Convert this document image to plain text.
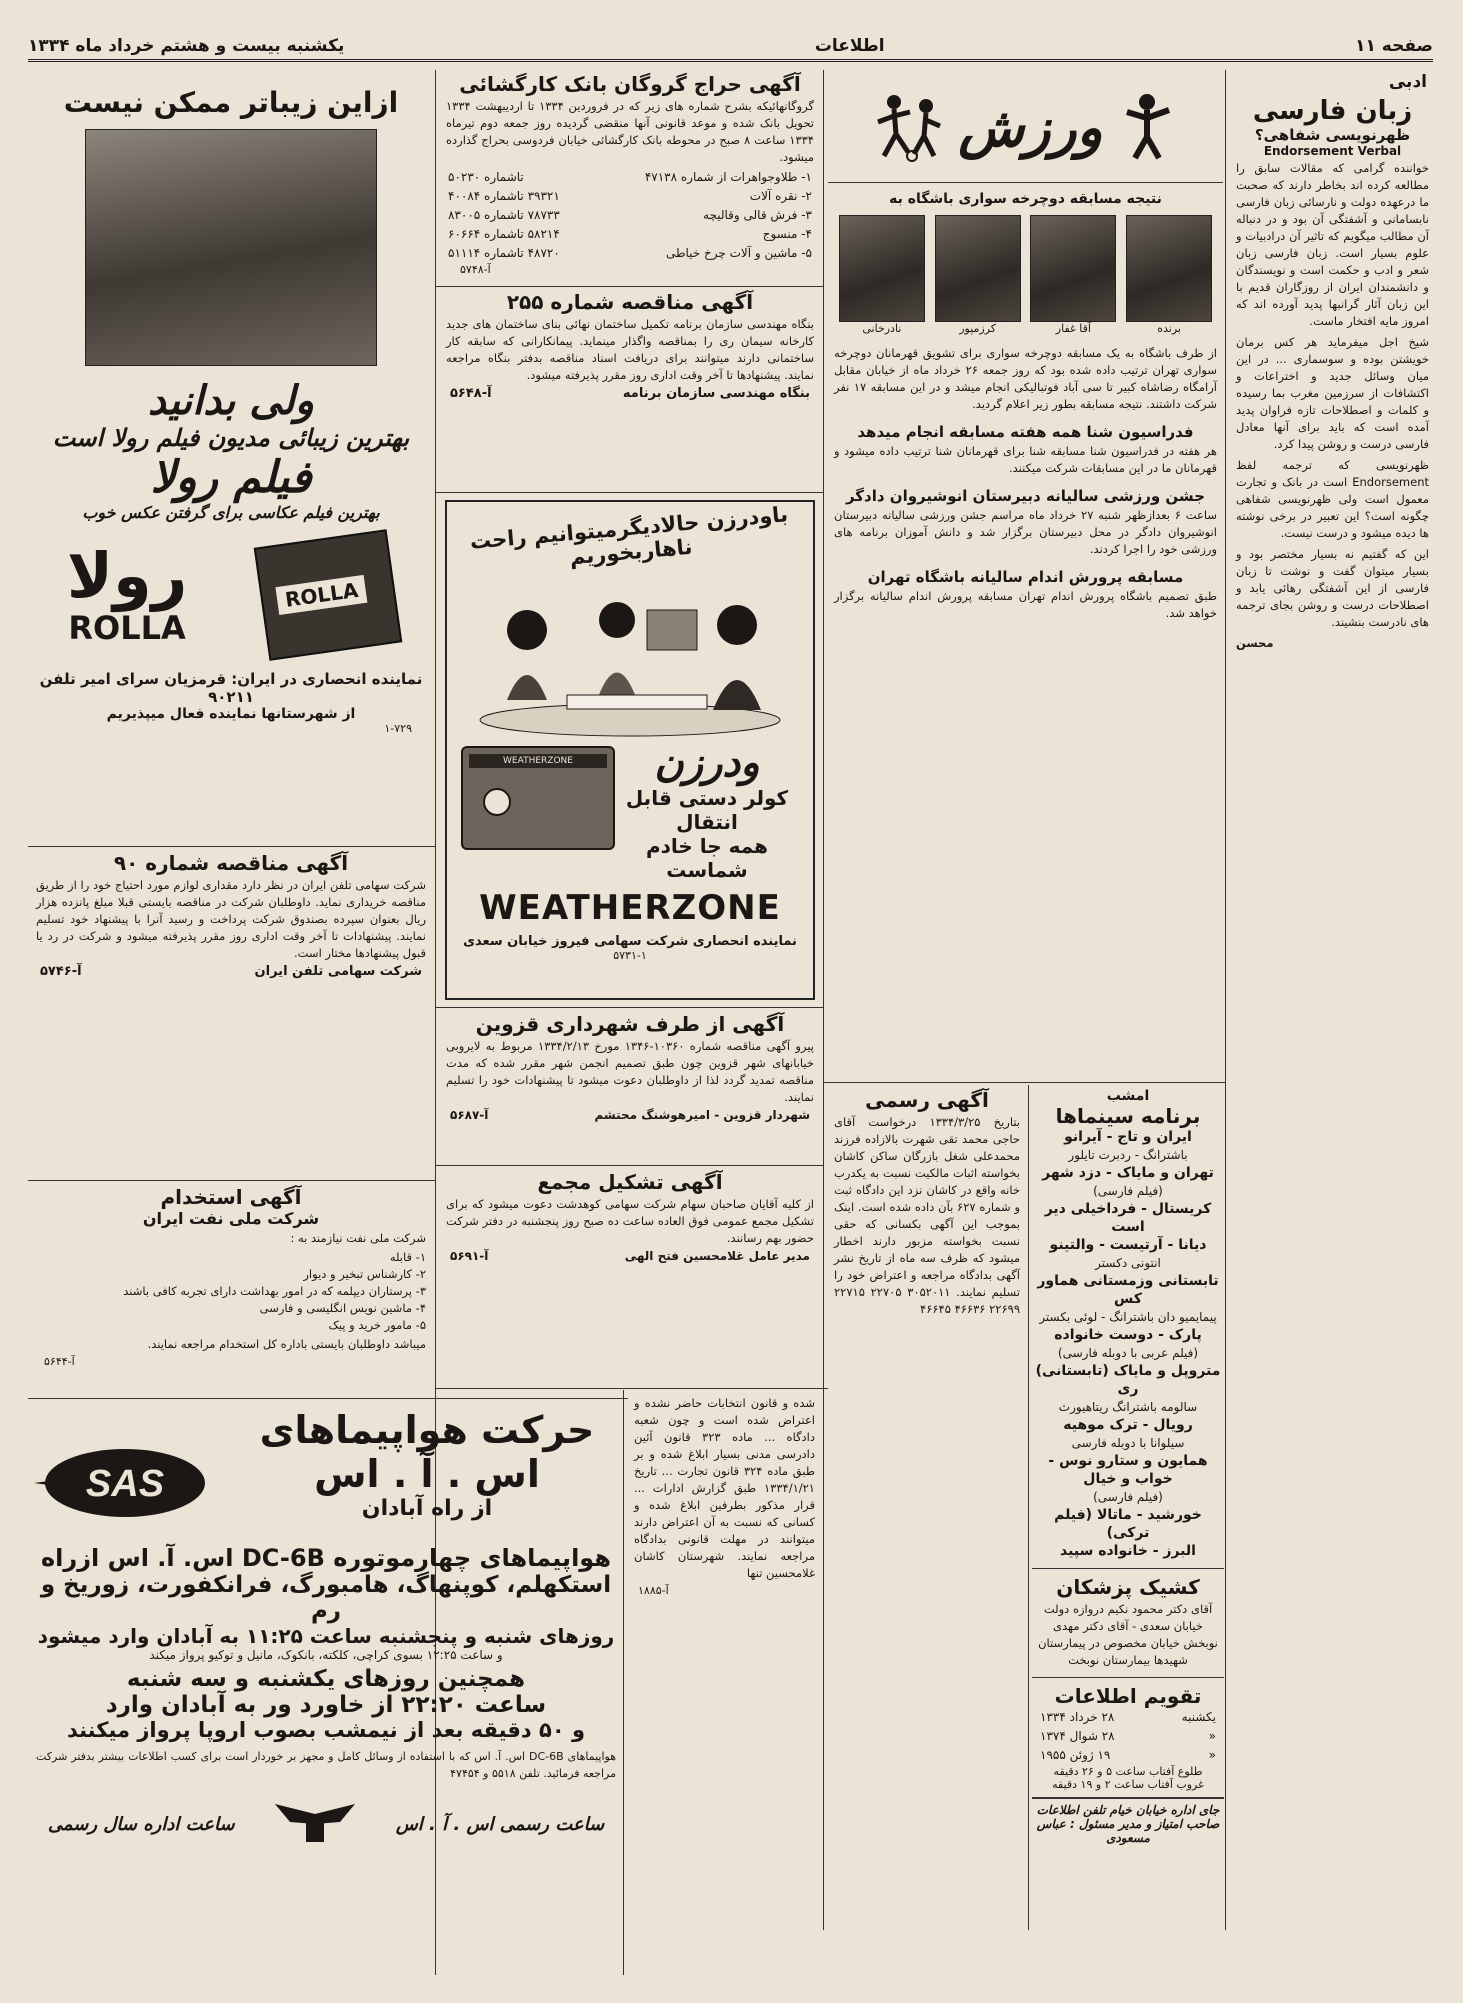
صفحه ۱۱
اطلاعات
یکشنبه بیست و هشتم خرداد ماه ۱۳۳۴
ادبی
زبان فارسی
ظهرنویسی شفاهی؟
Endorsement Verbal
خواننده گرامی که مقالات سابق را مطالعه کرده اند بخاطر دارند که صحبت ما درعهده دولت و نارسائی زبان فارسی نابسامانی و آشفتگی آن بود و در دنباله آن مطالب میگویم که تاثیر آن درادبیات و علوم بسیار است. زبان فارسی زبان شعر و ادب و حکمت است و نویسندگان و دانشمندان ایران از روزگاران قدیم با این زبان آثار گرانبها پدید آورده اند که امروز مایه افتخار ماست.
شیخ اجل میفرماید هر کس برمان خویشتن بوده و سوسماری ... در این میان وسائل جدید و اختراعات و اکتشافات از سرزمین مغرب بما رسیده و کلمات و اصطلاحات تازه فراوان پدید آمده است که باید برای آنها معادل فارسی درست و روشن پیدا کرد.
ظهرنویسی که ترجمه لفظ Endorsement است در بانک و تجارت معمول است ولی ظهرنویسی شفاهی چگونه است؟ این تعبیر در برخی نوشته ها دیده میشود و درست نیست.
این که گفتیم نه بسیار مختصر بود و بسیار میتوان گفت و نوشت تا زبان فارسی از این آشفتگی رهائی یابد و اصطلاحات درست و روشن بجای ترجمه های نادرست بنشیند.
محسن
ورزش
نتیجه مسابقه دوچرخه سواری باشگاه به
برنده
آقا غفار
کرزمپور
نادرخانی
از طرف باشگاه به یک مسابقه دوچرخه سواری برای تشویق قهرمانان دوچرخه سواری تهران ترتیب داده شده بود که روز جمعه ۲۶ خرداد ماه از خیابان مقابل آرامگاه رضاشاه کبیر تا سی آباد فوتبالیکی انجام میشد و در این مسابقه ۱۷ نفر شرکت داشتند. نتیجه مسابقه بطور زیر اعلام گردید.
فدراسیون شنا همه هفته مسابقه انجام میدهد
هر هفته در فدراسیون شنا مسابقه شنا برای قهرمانان شنا ترتیب داده میشود و قهرمانان ما در این مسابقات شرکت میکنند.
جشن ورزشی سالیانه دبیرستان انوشیروان دادگر
ساعت ۶ بعدازظهر شنبه ۲۷ خرداد ماه مراسم جشن ورزشی سالیانه دبیرستان انوشیروان دادگر در محل دبیرستان برگزار شد و دانش آموزان برنامه های ورزشی خود را اجرا کردند.
مسابقه پرورش اندام سالیانه باشگاه تهران
طبق تصمیم باشگاه پرورش اندام تهران مسابقه پرورش اندام سالیانه برگزار خواهد شد.
آگهی رسمی
بتاریخ ۱۳۳۴/۳/۲۵ درخواست آقای حاجی محمد تقی شهرت بالازاده فرزند محمدعلی شغل بازرگان ساکن کاشان بخواسته اثبات مالکیت نسبت به یکدرب خانه واقع در کاشان نزد این دادگاه ثبت و شماره ۶۲۷ بآن داده شده است. اینک بموجب این آگهی بکسانی که حقی نسبت بخواسته مزبور دارند اخطار میشود که ظرف سه ماه از تاریخ نشر آگهی بدادگاه مراجعه و اعتراض خود را تسلیم نمایند. ۳۰۵۲۰۱۱ ۲۲۷۰۵ ۲۲۷۱۵ ۲۲۶۹۹ ۴۶۶۳۶ ۴۶۶۴۵
امشب
برنامه سینماها
ایران و تاج - آیرانو
باشترانگ - ردبرت تایلور
تهران و مایاک - دزد شهر
(فیلم فارسی)
کریستال - فرداخیلی دیر است
دیانا - آرتیست - والتینو
انتونی دکستر
تابستانی وزمستانی هماور کس
پیمایمیو دان باشترانگ - لوئی بکستر
پارک - دوست خانواده
(فیلم عربی با دوبله فارسی)
متروپل و مایاک (تابستانی) ری
سالومه باشترانگ ریتاهیورث
رویال - ترک موهیه
سیلوانا با دوبله فارسی
همایون و ستارو نوس - خواب و خیال
(فیلم فارسی)
خورشید - ماتالا (فیلم ترکی)
البرز - خانواده سپید
کشیک پزشکان
آقای دکتر محمود نکیم دروازه دولت خیابان سعدی - آقای دکتر مهدی نوبخش خیابان مخصوص در پیمارستان شهیدها بیمارستان نوبخت
تقویم اطلاعات
یکشنبه
۲۸ خرداد ۱۳۳۴
«
۲۸ شوال ۱۳۷۴
«
۱۹ ژوئن ۱۹۵۵
طلوع آفتاب ساعت ۵ و ۲۶ دقیقه
غروب آفتاب ساعت ۲ و ۱۹ دقیقه
جای اداره خیابان خیام تلفن اطلاعات
صاحب امتیاز و مدیر مسئول : عباس مسعودی
آگهی حراج گروگان بانک کارگشائی
گروگانهائیکه بشرح شماره های زیر که در فروردین ۱۳۳۴ تا اردیبهشت ۱۳۳۴ تحویل بانک شده و موعد قانونی آنها منقضی گردیده روز جمعه دوم تیرماه ۱۳۳۴ ساعت ۸ صبح در محوطه بانک کارگشائی خیابان فردوسی بحراج گذارده میشود.
۱- طلاوجواهرات از شماره ۴۷۱۳۸
تاشماره ۵۰۲۳۰
۲- نقره آلات
۳۹۳۲۱ تاشماره ۴۰۰۸۴
۳- فرش قالی وقالیچه
۷۸۷۳۳ تاشماره ۸۳۰۰۵
۴- منسوج
۵۸۲۱۴ تاشماره ۶۰۶۶۴
۵- ماشین و آلات چرخ خیاطی
۴۸۷۲۰ تاشماره ۵۱۱۱۴
آ-۵۷۴۸
آگهی مناقصه شماره ۲۵۵
بنگاه مهندسی سازمان برنامه تکمیل ساختمان نهائی بنای ساختمان های جدید کارخانه سیمان ری را بمناقصه واگذار مینماید. پیمانکارانی که سابقه کار ساختمانی دارند میتوانند برای دریافت اسناد مناقصه بدفتر بنگاه مراجعه نمایند. پیشنهادها تا آخر وقت اداری روز مقرر پذیرفته میشود.
بنگاه مهندسی سازمان برنامه
آ-۵۶۴۸
باودرزن حالادیگرمیتوانیم راحت ناهاربخوریم
ودرزن
کولر دستی قابل انتقال
همه جا خادم شماست
WEATHERZONE
WEATHERZONE
نماینده انحصاری شرکت سهامی فیروز خیابان سعدی
۵۷۳۱-۱
آگهی از طرف شهرداری قزوین
پیرو آگهی مناقصه شماره ۱۰۳۶۰-۱۳۴۶ مورخ ۱۳۳۴/۲/۱۳ مربوط به لایروبی خیابانهای شهر قزوین چون طبق تصمیم انجمن شهر مقرر شده که مدت مناقصه تمدید گردد لذا از داوطلبان دعوت میشود تا پیشنهادات خود را تسلیم نمایند.
شهردار قزوین - امیرهوشنگ محتشم
آ-۵۶۸۷
آگهی تشکیل مجمع
از کلیه آقایان صاحبان سهام شرکت سهامی کوهدشت دعوت میشود که برای تشکیل مجمع عمومی فوق العاده ساعت ده صبح روز پنجشنبه در دفتر شرکت حضور بهم رسانند.
مدیر عامل غلامحسین فتح الهی
آ-۵۶۹۱
شده و قانون انتخابات حاضر نشده و اعتراض شده است و چون شعبه دادگاه ... ماده ۳۲۳ قانون آئین دادرسی مدنی بسیار ابلاغ شده و بر طبق ماده ۳۲۴ قانون تجارت ... تاریخ ۱۳۳۴/۱/۲۱ طبق گزارش ادارات ... قرار مذکور بطرفین ابلاغ شده و کسانی که نسبت به آن اعتراض دارند میتوانند در مهلت قانونی بدادگاه مراجعه نمایند. شهرستان کاشان غلامحسین تنها
آ-۱۸۸۵
ازاین زیباتر ممکن نیست
ولی بدانید
بهترین زیبائی مدیون فیلم رولا است
فیلم رولا
بهترین فیلم عکاسی برای گرفتن عکس خوب
ROLLA
رولا
ROLLA
نماینده انحصاری در ایران: قرمزیان سرای امیر تلفن ۹۰۲۱۱
از شهرستانها نماینده فعال میپذیریم
۱-۷۲۹
آگهی مناقصه شماره ۹۰
شرکت سهامی تلفن ایران در نظر دارد مقداری لوازم مورد احتیاج خود را از طریق مناقصه خریداری نماید. داوطلبان شرکت در مناقصه بایستی قبلا مبلغ پانزده هزار ریال بعنوان سپرده بصندوق شرکت پرداخت و رسید آنرا با پیشنهاد خود تسلیم نمایند. پیشنهادات تا آخر وقت اداری روز مقرر پذیرفته میشود و شرکت در رد یا قبول پیشنهادها مختار است.
شرکت سهامی تلفن ایران
آ-۵۷۴۶
آگهی استخدام
شرکت ملی نفت ایران
شرکت ملی نفت نیازمند به :
۱- قابله
۲- کارشناس تبخیر و دیوار
۳- پرستاران دیپلمه که در امور بهداشت دارای تجربه کافی باشند
۴- ماشین نویس انگلیسی و فارسی
۵- مامور خرید و پیک
میباشد داوطلبان بایستی باداره کل استخدام مراجعه نمایند.
آ-۵۶۴۴
حرکت هواپیماهای
اس . آ . اس
از راه آبادان
SAS
هواپیماهای چهارموتوره DC-6B اس. آ. اس ازراه
استکهلم، کوپنهاگ، هامبورگ، فرانکفورت، زوریخ و رم
روزهای شنبه و پنجشنبه ساعت ۱۱:۲۵ به آبادان وارد میشود
و ساعت ۱۲:۲۵ بسوی کراچی، کلکته، بانکوک، مانیل و توکیو پرواز میکند
همچنین روزهای یکشنبه و سه شنبه
ساعت ۲۲:۲۰ از خاورد ور به آبادان وارد
و ۵۰ دقیقه بعد از نیمشب بصوب اروپا پرواز میکنند
هواپیماهای DC-6B اس. آ. اس که با استفاده از وسائل کامل و مجهز بر خوردار است برای کسب اطلاعات بیشتر بدفتر شرکت مراجعه فرمائید. تلفن ۵۵۱۸ و ۴۷۴۵۴
ساعت رسمی اس . آ . اس
ساعت اداره سال رسمی
